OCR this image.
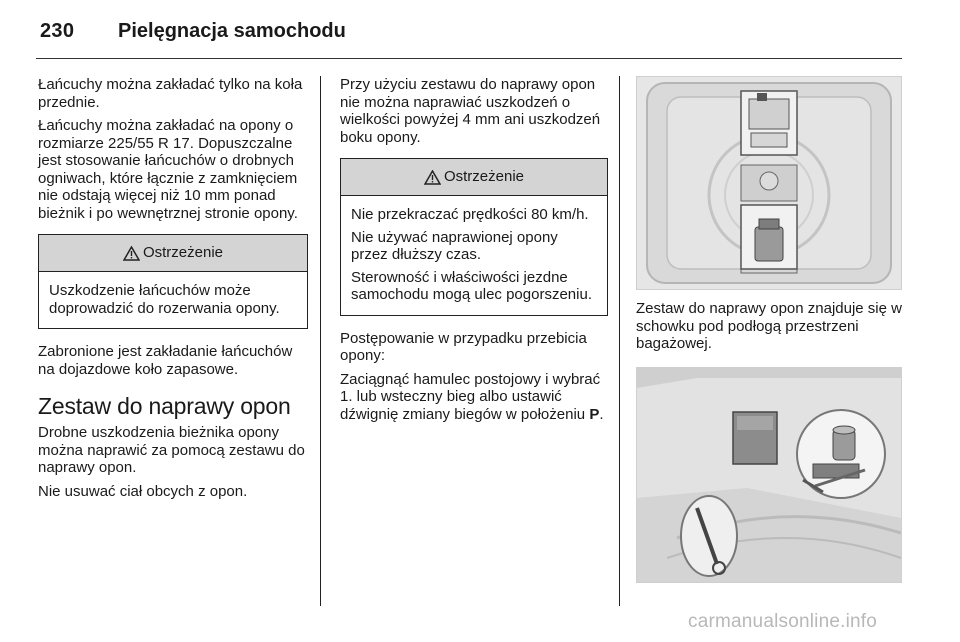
230 Pielęgnacja samochodu

Łańcuchy można zakładać tylko na koła przednie.

Łańcuchy można zakładać na opony o rozmiarze 225/55 R 17. Dopuszczalne jest stosowanie łańcuchów o drobnych ogniwach, które łącznie z zamknięciem nie odstają więcej niż 10 mm ponad bieżnik i po wewnętrznej stronie opony.

Ostrzeżenie

Uszkodzenie łańcuchów może doprowadzić do rozerwania opony.

Zabronione jest zakładanie łańcuchów na dojazdowe koło zapasowe.

Zestaw do naprawy opon

Drobne uszkodzenia bieżnika opony można naprawić za pomocą zestawu do naprawy opon.

Nie usuwać ciał obcych z opon.

Przy użyciu zestawu do naprawy opon nie można naprawiać uszkodzeń o wielkości powyżej 4 mm ani uszkodzeń boku opony.

Ostrzeżenie

Nie przekraczać prędkości 80 km/h.

Nie używać naprawionej opony przez dłuższy czas.

Sterowność i właściwości jezdne samochodu mogą ulec pogorszeniu.

Postępowanie w przypadku przebicia opony:

Zaciągnąć hamulec postojowy i wybrać 1. lub wsteczny bieg albo ustawić dźwignię zmiany biegów w położeniu P.

Zestaw do naprawy opon znajduje się w schowku pod podłogą przestrzeni bagażowej.

carmanualsonline.info
